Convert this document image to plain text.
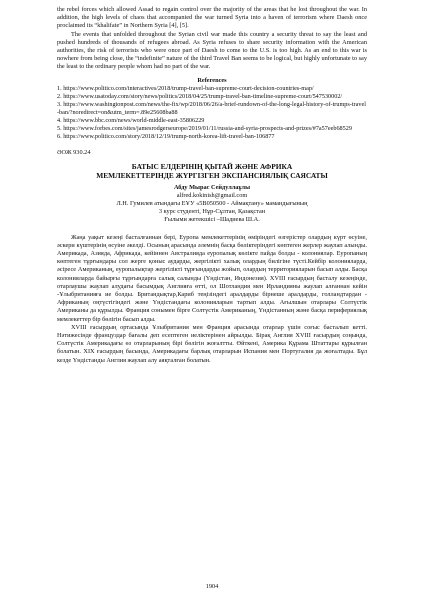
the rebel forces which allowed Assad to regain control over the majority of the areas that he lost throughout the war. In addition, the high levels of chaos that accompanied the war turned Syria into a haven of terrorism where Daesh once proclaimed its “khalifate” in Northern Syria [4], [5].

The events that unfolded throughout the Syrian civil war made this country a security threat to say the least and pushed hundreds of thousands of refugees abroad. As Syria refuses to share security information with the American authorities, the risk of terrorists who were once part of Daesh to come to the U.S. is too high. As an end to this war is nowhere from being close, the “indefinite” nature of the third Travel Ban seems to be logical, but highly unfortunate to say the least to the ordinary people whom had no part of the war.

References
1. https://www.politico.com/interactives/2018/trump-travel-ban-supreme-court-decision-countries-map/
2. https://www.usatoday.com/story/news/politics/2018/04/25/trump-travel-ban-timeline-supreme-court/547530002/
3. https://www.washingtonpost.com/news/the-fix/wp/2018/06/26/a-brief-rundown-of-the-long-legal-history-of-trumps-travel-ban/?noredirect=on&utm_term=.89e25608ba88
4. https://www.bbc.com/news/world-middle-east-35806229
5. https://www.forbes.com/sites/jamesrodgerseurope/2019/01/11/russia-and-syria-prospects-and-prizes/#7a57eeb68529
6. https://www.politico.com/story/2018/12/19/trump-north-korea-lift-travel-ban-106877
ӘОЖ 930.24
БАТЫС ЕЛДЕРІНІҢ ҚЫТАЙ ЖӘНЕ АФРИКА
МЕМЛЕКЕТТЕРІНДЕ ЖҮРГІЗГЕН ЭКСПАНСИЯЛЫҚ САЯСАТЫ
Абду Мырас Сейдуллаұлы
alfred.kokinish@gmail.com
Л.Н. Гумилев атындағы ЕҰУ «5В050500 - Аймақтану» мамандығының
3 курс студенті, Нұр-Сұлтан, Қазақстан
Ғылыми жетекшісі –Шадиева Ш.А.

Жаңа уақыт кезеңі басталғаннан бері, Еуропа мемлекеттерінің өміріндегі өзгерістер олардың күрт өсуіне, әскери күштерінің өсуіне әкелді. Осының арасында әлемнің басқа бөліктеріндегі көптеген жерлер жаулап алынды. Америкада, Азияда, Африкада, кейіннен Австралияда еуропалық көлікте пайда болды - колониялар. Еуропаның көптеген тұрғындары сол жерге қоныс аударды, жергілікті халық олардың билігіне түсті.Кейбір колонияларда, әсіресе Американың, еуропалықтар жергілікті тұрғындарды жойып, олардың территорияларын басып алды. Басқа колонияларда байырғы тұрғындарға салық салынды (Үндістан, Индонезия). XVIII ғасырдың басталу кезеңінде, отарлаушы жаулап алудағы басымдық Англияға өтті, ол Шотландия мен Ирландияны жаулап алғаннан кейін -Ұлыбританияға ие болды. Британдықтар,Кариб теңізіндегі аралдарды бірнеше аралдарды, голландтардан - Африканың оңтүстігіндегі және Үндістандағы колонияларын тартып алды. Ағылшын отарлары Солтүстік Американы да құрылды. Франция сонымен бірге Солтүстік Американың, Үндістанның және басқа перифериялық мемлекеттер бір бөлігін басып алды.

XVIII ғасырдың ортасында Ұлыбритания мен Франция арасында отарлар үшін соғыс басталып кетті. Нәтижесінде француздар бағалы деп есептеген иеліктерінен айрылды. Бірақ Англия XVIII ғасырдың соңында, Солтүстік Америкадағы өз отарларының бірі бөлігін жоғалтты. Өйткені, Америка Құрама Штаттары құрылған болатын. XIX ғасырдың басында, Америкадағы барлық отарларын Испания мен Португалия да жоғалтады. Бұл кезде Үндістанды Англия жаулап алу аяқталған болатын.

1904
